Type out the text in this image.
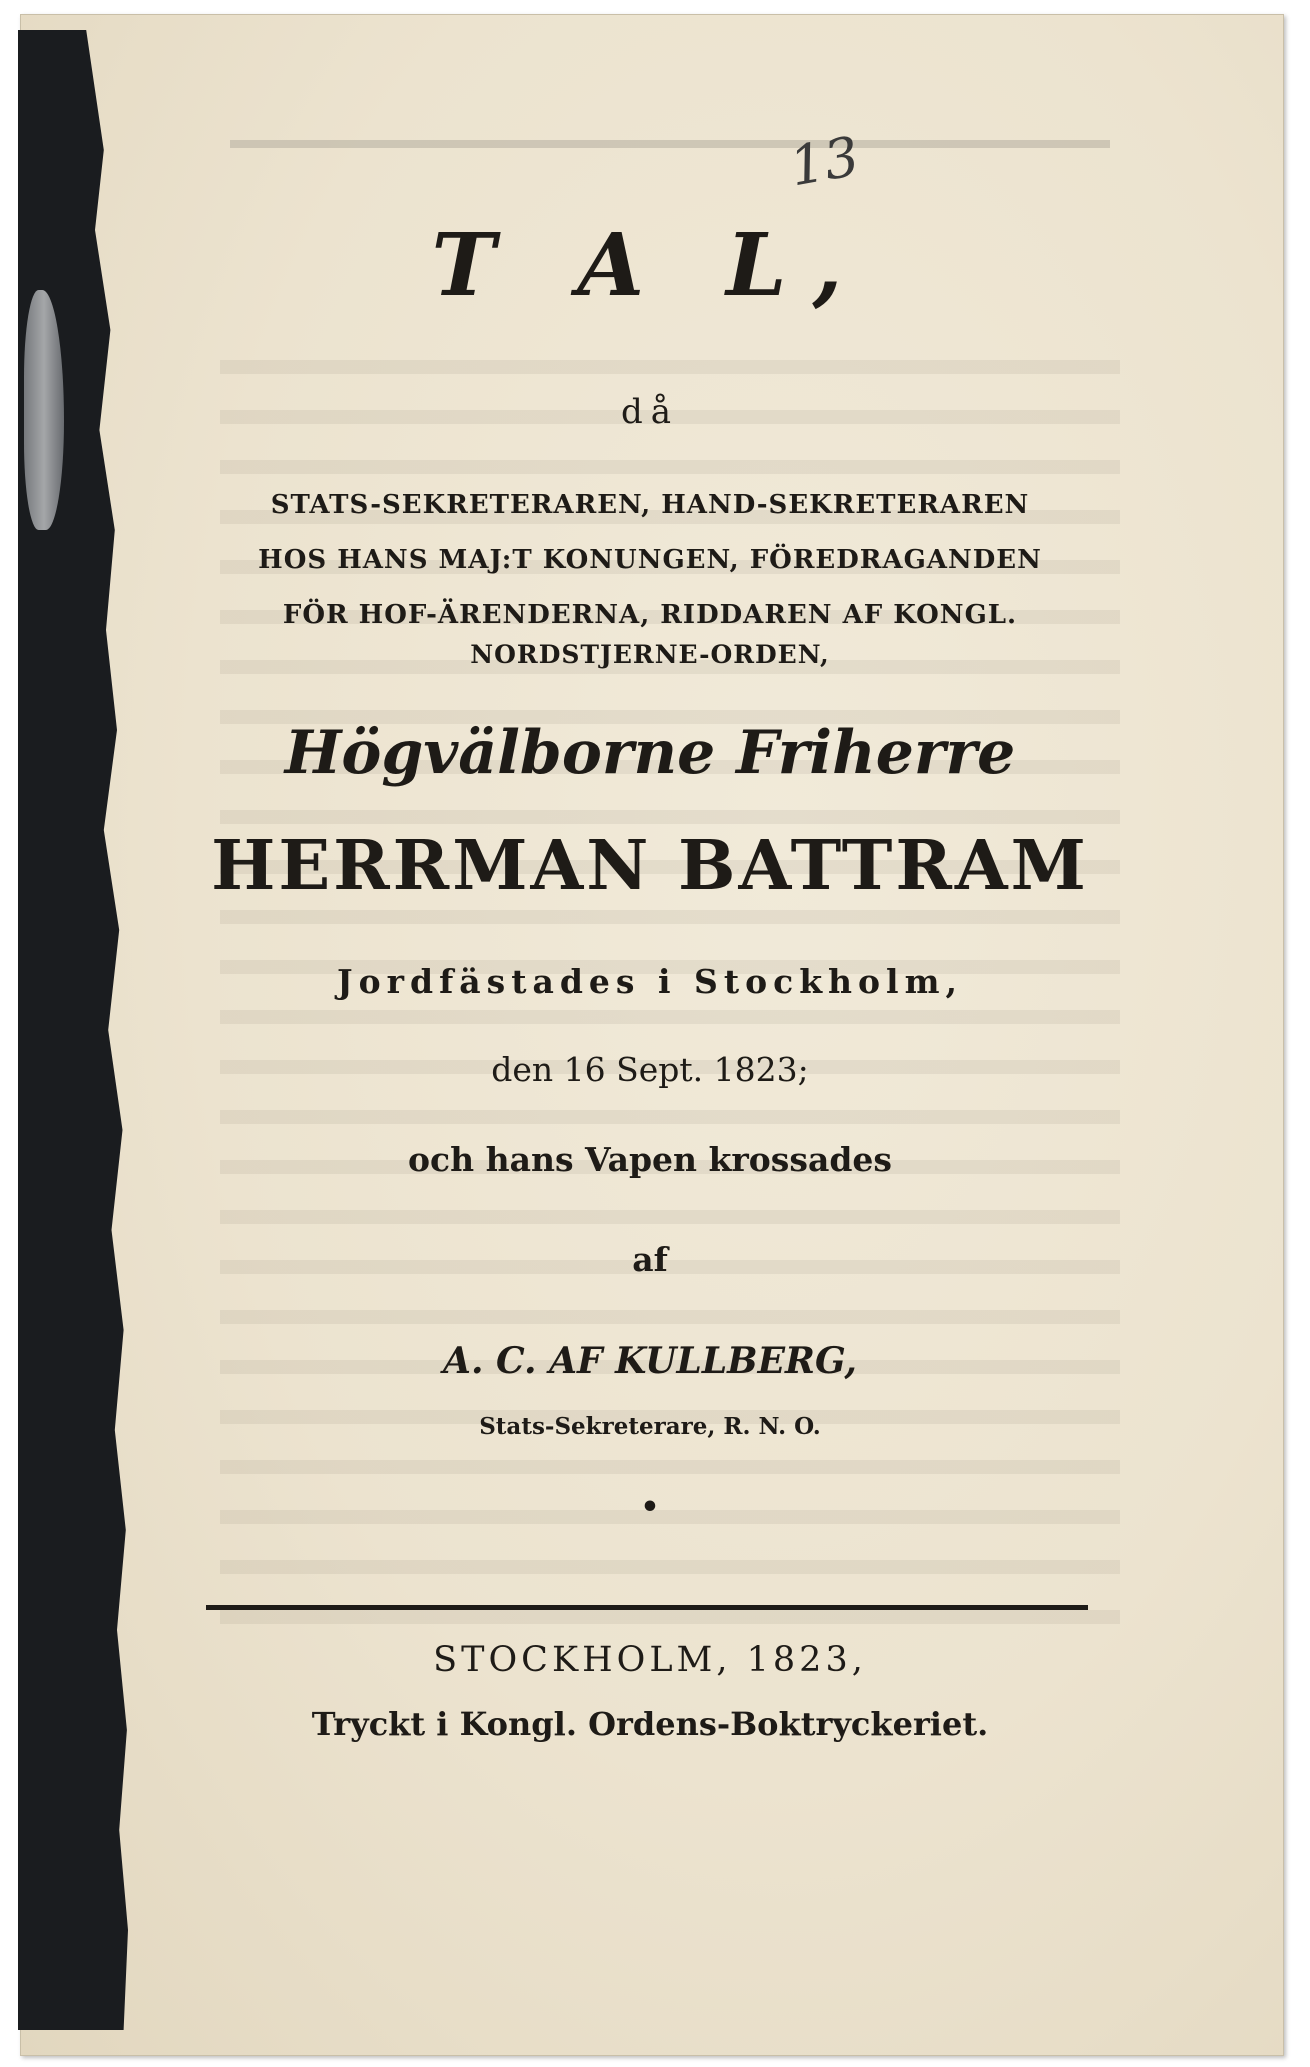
13
T A L,
då
STATS-SEKRETERAREN, HAND-SEKRETERAREN
HOS HANS MAJ:T KONUNGEN, FÖREDRAGANDEN
FÖR HOF-ÄRENDERNA, RIDDAREN AF KONGL.
NORDSTJERNE-ORDEN,
Högvälborne Friherre
HERRMAN BATTRAM
Jordfästades i Stockholm,
den 16 Sept. 1823;
och hans Vapen krossades
af
A. C. AF KULLBERG,
Stats-Sekreterare, R. N. O.
•
STOCKHOLM, 1823,
Tryckt i Kongl. Ordens-Boktryckeriet.
